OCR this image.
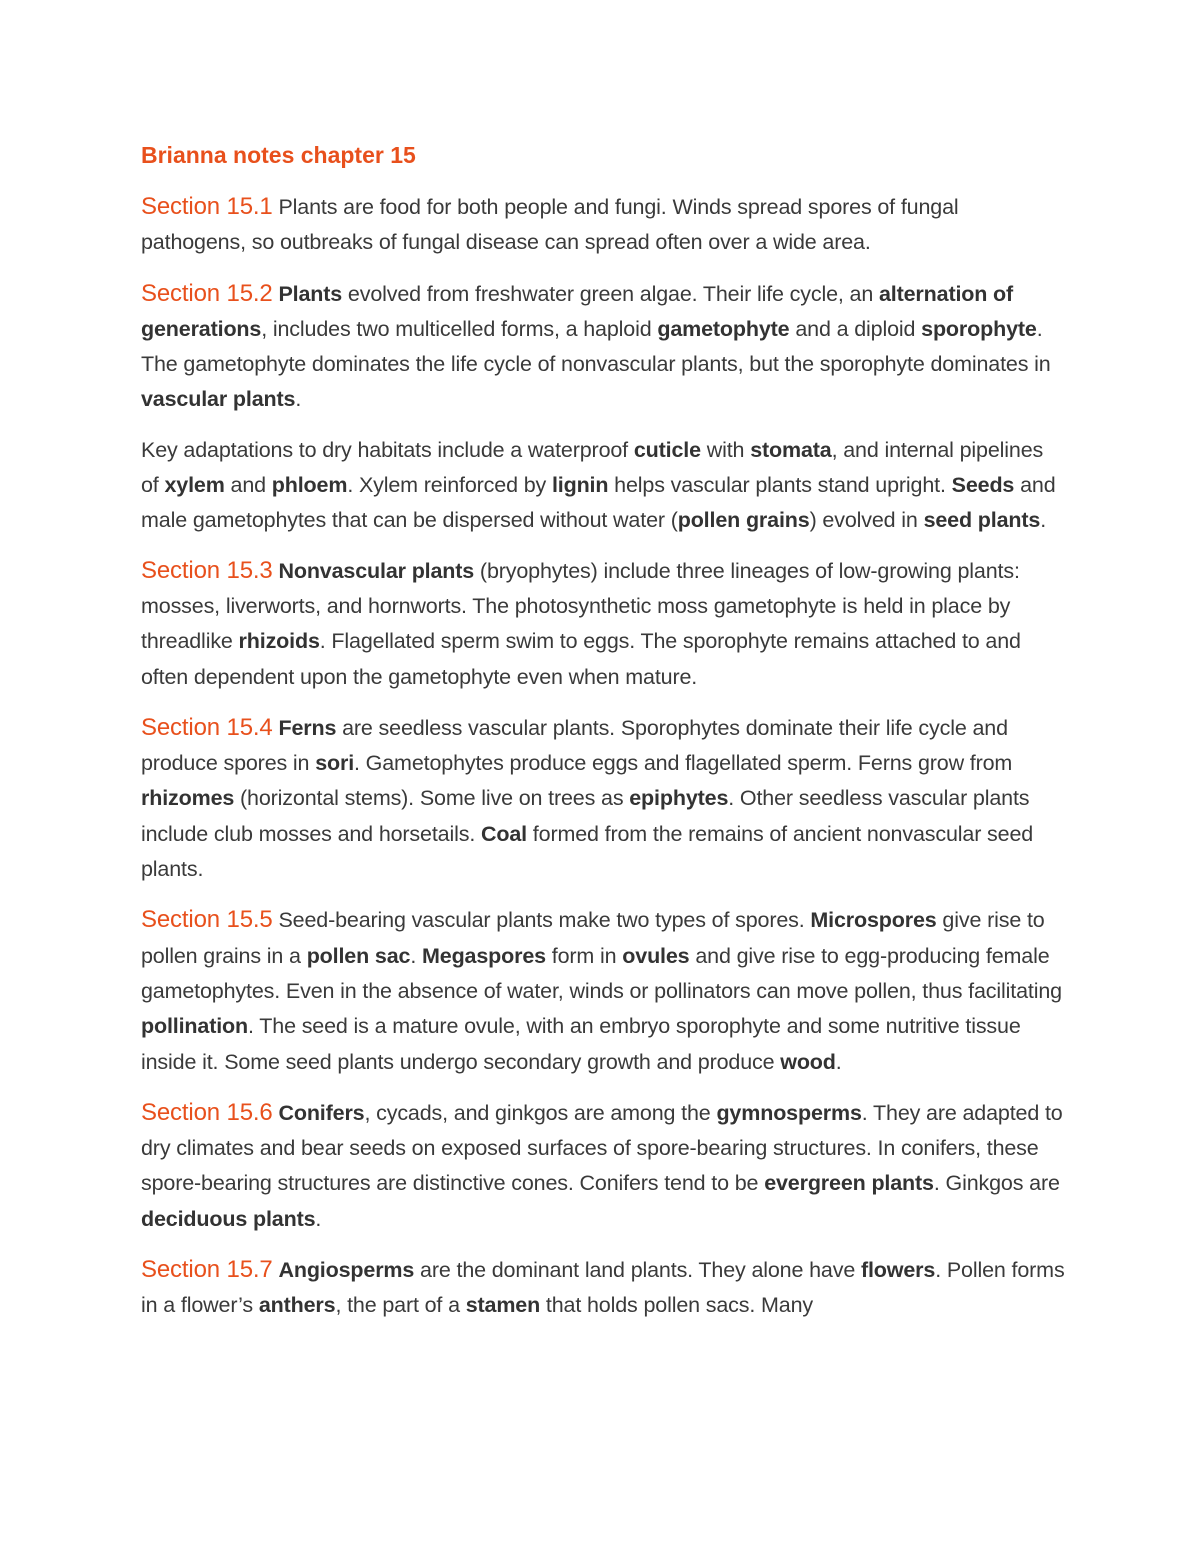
Brianna notes chapter 15

Section 15.1 Plants are food for both people and fungi. Winds spread spores of fungal pathogens, so outbreaks of fungal disease can spread often over a wide area.

Section 15.2 Plants evolved from freshwater green algae. Their life cycle, an alternation of generations, includes two multicelled forms, a haploid gametophyte and a diploid sporophyte. The gametophyte dominates the life cycle of nonvascular plants, but the sporophyte dominates in vascular plants.

Key adaptations to dry habitats include a waterproof cuticle with stomata, and internal pipelines of xylem and phloem. Xylem reinforced by lignin helps vascular plants stand upright. Seeds and male gametophytes that can be dispersed without water (pollen grains) evolved in seed plants.

Section 15.3 Nonvascular plants (bryophytes) include three lineages of low-growing plants: mosses, liverworts, and hornworts. The photosynthetic moss gametophyte is held in place by threadlike rhizoids. Flagellated sperm swim to eggs. The sporophyte remains attached to and often dependent upon the gametophyte even when mature.

Section 15.4 Ferns are seedless vascular plants. Sporophytes dominate their life cycle and produce spores in sori. Gametophytes produce eggs and flagellated sperm. Ferns grow from rhizomes (horizontal stems). Some live on trees as epiphytes. Other seedless vascular plants include club mosses and horsetails. Coal formed from the remains of ancient nonvascular seed plants.

Section 15.5 Seed-bearing vascular plants make two types of spores. Microspores give rise to pollen grains in a pollen sac. Megaspores form in ovules and give rise to egg-producing female gametophytes. Even in the absence of water, winds or pollinators can move pollen, thus facilitating pollination. The seed is a mature ovule, with an embryo sporophyte and some nutritive tissue inside it. Some seed plants undergo secondary growth and produce wood.

Section 15.6 Conifers, cycads, and ginkgos are among the gymnosperms. They are adapted to dry climates and bear seeds on exposed surfaces of spore-bearing structures. In conifers, these spore-bearing structures are distinctive cones. Conifers tend to be evergreen plants. Ginkgos are deciduous plants.

Section 15.7 Angiosperms are the dominant land plants. They alone have flowers. Pollen forms in a flower’s anthers, the part of a stamen that holds pollen sacs. Many
